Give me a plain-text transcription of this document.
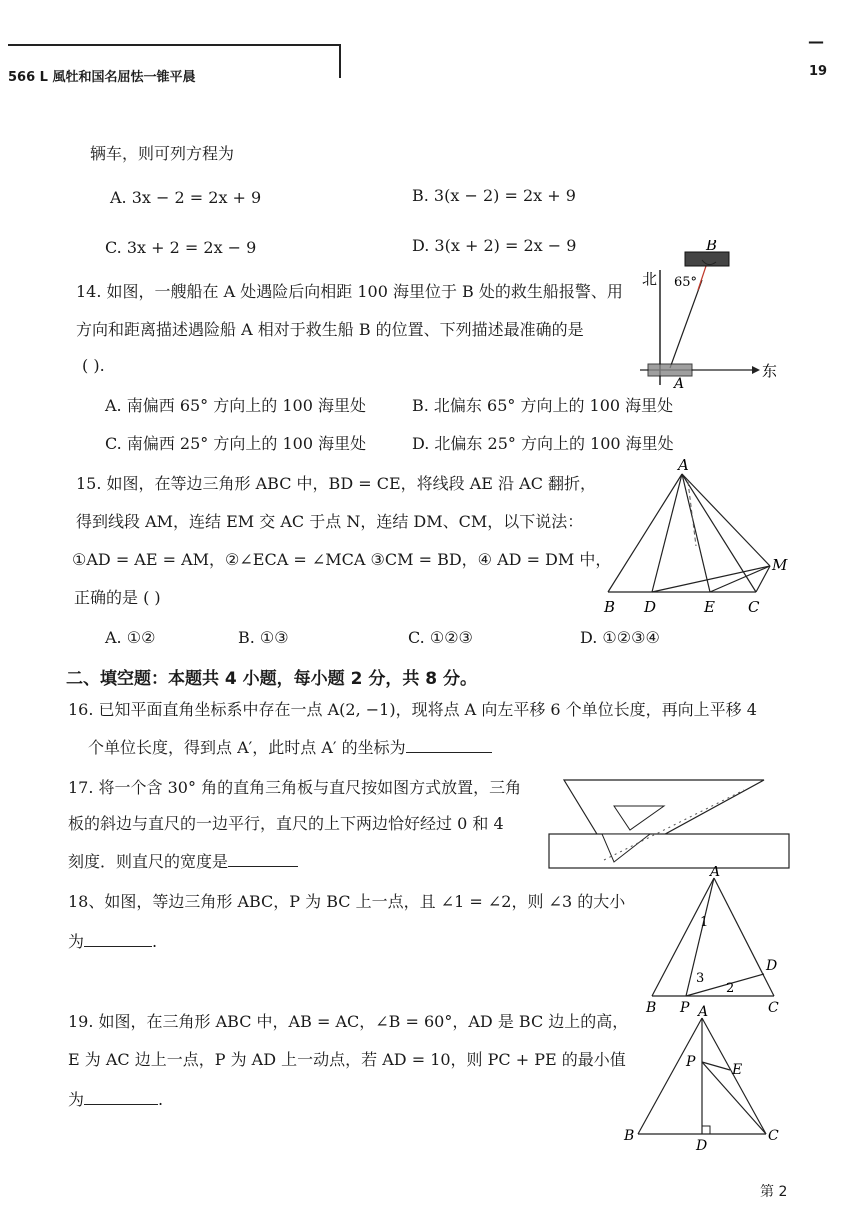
566 L 風牡和国名屈怯一锥平晨
—
19
辆车，则可列方程为
A. 3x − 2 = 2x + 9	B. 3(x − 2) = 2x + 9
C. 3x + 2 = 2x − 9	D. 3(x + 2) = 2x − 9
14. 如图，一艘船在 A 处遇险后向相距 100 海里位于 B 处的救生船报警、用
方向和距离描述遇险船 A 相对于救生船 B 的位置、下列描述最准确的是
( ).
A. 南偏西 65° 方向上的 100 海里处	B. 北偏东 65° 方向上的 100 海里处
C. 南偏西 25° 方向上的 100 海里处	D. 北偏东 25° 方向上的 100 海里处
北
东
65°
B
A
15. 如图，在等边三角形 ABC 中，BD = CE，将线段 AE 沿 AC 翻折，
得到线段 AM，连结 EM 交 AC 于点 N，连结 DM、CM，以下说法：
①AD = AE = AM，②∠ECA = ∠MCA ③CM = BD，④ AD = DM 中，
正确的是 ( )
A. ①②	B. ①③	C. ①②③	D. ①②③④
A
B D	E C
M
二、填空题：本题共 4 小题，每小题 2 分，共 8 分。
16. 已知平面直角坐标系中存在一点 A(2, −1)，现将点 A 向左平移 6 个单位长度，再向上平移 4
个单位长度，得到点 A′，此时点 A′ 的坐标为
17. 将一个含 30° 角的直角三角板与直尺按如图方式放置，三角
板的斜边与直尺的一边平行，直尺的上下两边恰好经过 0 和 4
刻度．则直尺的宽度是
18、如图，等边三角形 ABC，P 为 BC 上一点，且 ∠1 = ∠2，则 ∠3 的大小
为	.
A
B P	C
D
1
3
2
19. 如图，在三角形 ABC 中，AB = AC，∠B = 60°，AD 是 BC 边上的高，
E 为 AC 边上一点，P 为 AD 上一动点，若 AD = 10，则 PC + PE 的最小值
为	.
A
P	E
B
D
C
第 2
